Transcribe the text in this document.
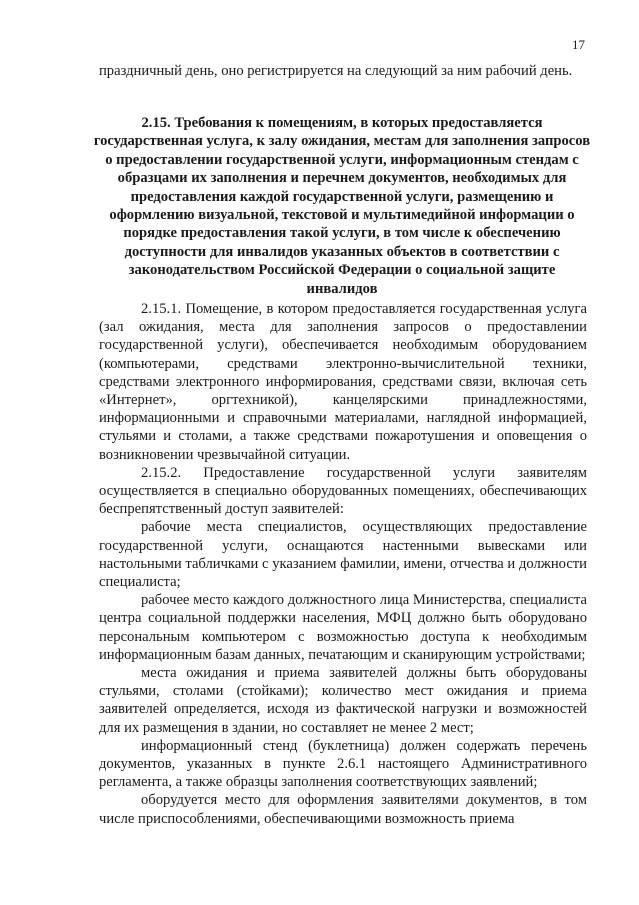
17
праздничный день, оно регистрируется на следующий за ним рабочий день.
2.15. Требования к помещениям, в которых предоставляется государственная услуга, к залу ожидания, местам для заполнения запросов о предоставлении государственной услуги, информационным стендам с образцами их заполнения и перечнем документов, необходимых для предоставления каждой государственной услуги, размещению и оформлению визуальной, текстовой и мультимедийной информации о порядке предоставления такой услуги, в том числе к обеспечению доступности для инвалидов указанных объектов в соответствии с законодательством Российской Федерации о социальной защите инвалидов

2.15.1. Помещение, в котором предоставляется государственная услуга (зал ожидания, места для заполнения запросов о предоставлении государственной услуги), обеспечивается необходимым оборудованием (компьютерами, средствами электронно-вычислительной техники, средствами электронного информирования, средствами связи, включая сеть «Интернет», оргтехникой), канцелярскими принадлежностями, информационными и справочными материалами, наглядной информацией, стульями и столами, а также средствами пожаротушения и оповещения о возникновении чрезвычайной ситуации.

2.15.2. Предоставление государственной услуги заявителям осуществляется в специально оборудованных помещениях, обеспечивающих беспрепятственный доступ заявителей:

рабочие места специалистов, осуществляющих предоставление государственной услуги, оснащаются настенными вывесками или настольными табличками с указанием фамилии, имени, отчества и должности специалиста;

рабочее место каждого должностного лица Министерства, специалиста центра социальной поддержки населения, МФЦ должно быть оборудовано персональным компьютером с возможностью доступа к необходимым информационным базам данных, печатающим и сканирующим устройствами;

места ожидания и приема заявителей должны быть оборудованы стульями, столами (стойками); количество мест ожидания и приема заявителей определяется, исходя из фактической нагрузки и возможностей для их размещения в здании, но составляет не менее 2 мест;

информационный стенд (буклетница) должен содержать перечень документов, указанных в пункте 2.6.1 настоящего Административного регламента, а также образцы заполнения соответствующих заявлений;

оборудуется место для оформления заявителями документов, в том числе приспособлениями, обеспечивающими возможность приема
